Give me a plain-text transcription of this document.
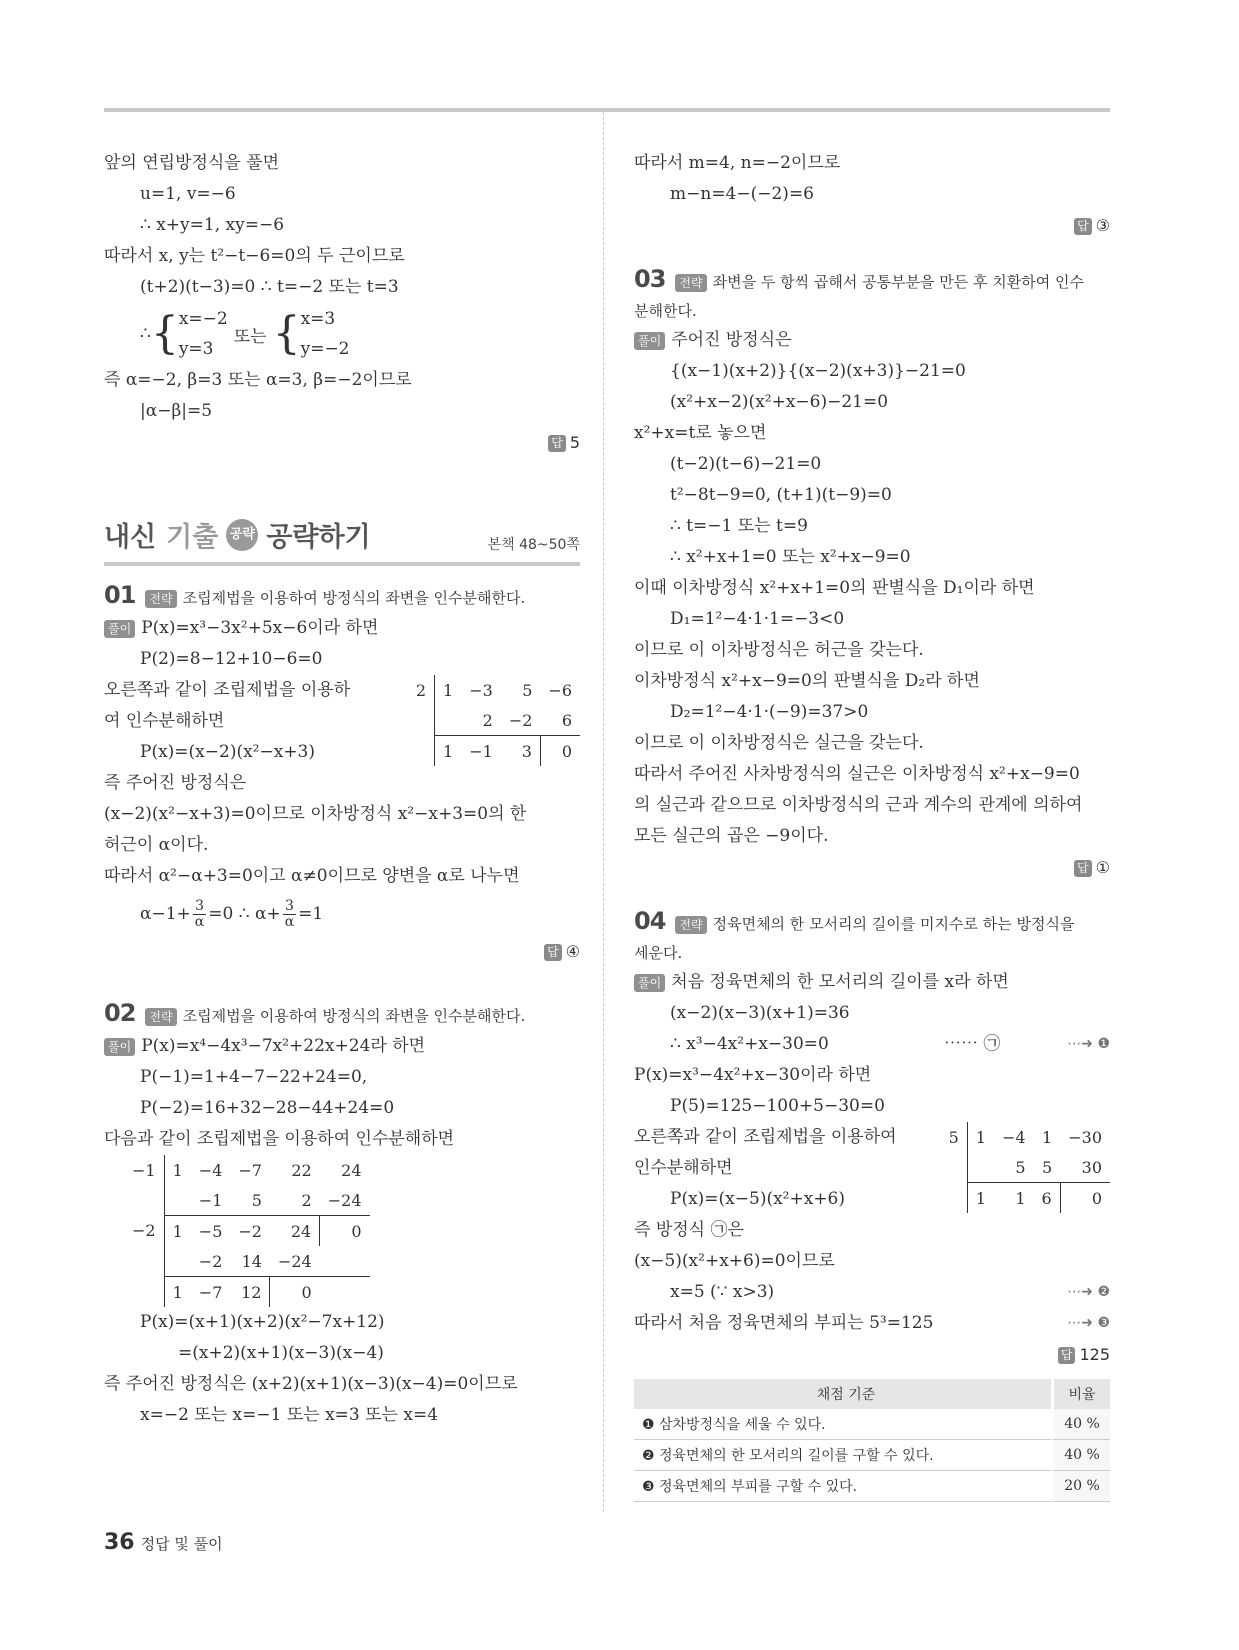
앞의 연립방정식을 풀면
u=1, v=−6
∴ x+y=1, xy=−6
따라서 x, y는 t²−t−6=0의 두 근이므로
(t+2)(t−3)=0 ∴ t=−2 또는 t=3
∴ { x=−2
y=3
또는 { x=3
y=−2
즉 α=−2, β=3 또는 α=3, β=−2이므로
|α−β|=5
답 5
내신 기출 공략 공략하기	본책 48~50쪽
01	전략 조립제법을 이용하여 방정식의 좌변을 인수분해한다.
풀이 P(x)=x³−3x²+5x−6이라 하면
P(2)=8−12+10−6=0
오른쪽과 같이 조립제법을 이용하
여 인수분해하면
P(x)=(x−2)(x²−x+3)
2	1	−3	5	−6
		2	−2	6
	1	−1	3	0
즉 주어진 방정식은
(x−2)(x²−x+3)=0이므로 이차방정식 x²−x+3=0의 한
허근이 α이다.
따라서 α²−α+3=0이고 α≠0이므로 양변을 α로 나누면
$\alpha-1+ \frac{3}{\alpha} =0$ ∴ $\alpha+ \frac{3}{\alpha} =1$
답 ④
02	전략 조립제법을 이용하여 방정식의 좌변을 인수분해한다.
풀이 P(x)=x⁴−4x³−7x²+22x+24라 하면
P(−1)=1+4−7−22+24=0,
P(−2)=16+32−28−44+24=0
다음과 같이 조립제법을 이용하여 인수분해하면
−1	1	−4	−7	22	24
		−1	5	2	−24
−2	1	−5	−2	24	0
		−2	14	−24	
	1	−7	12	0	
P(x)=(x+1)(x+2)(x²−7x+12)
=(x+2)(x+1)(x−3)(x−4)
즉 주어진 방정식은 (x+2)(x+1)(x−3)(x−4)=0이므로
x=−2 또는 x=−1 또는 x=3 또는 x=4
따라서 m=4, n=−2이므로
m−n=4−(−2)=6
답 ③
03	전략 좌변을 두 항씩 곱해서 공통부분을 만든 후 치환하여 인수
분해한다.
풀이 주어진 방정식은
{(x−1)(x+2)}{(x−2)(x+3)}−21=0
(x²+x−2)(x²+x−6)−21=0
x²+x=t로 놓으면
(t−2)(t−6)−21=0
t²−8t−9=0, (t+1)(t−9)=0
∴ t=−1 또는 t=9
∴ x²+x+1=0 또는 x²+x−9=0
이때 이차방정식 x²+x+1=0의 판별식을 D₁이라 하면
D₁=1²−4·1·1=−3<0
이므로 이 이차방정식은 허근을 갖는다.
이차방정식 x²+x−9=0의 판별식을 D₂라 하면
D₂=1²−4·1·(−9)=37>0
이므로 이 이차방정식은 실근을 갖는다.
따라서 주어진 사차방정식의 실근은 이차방정식 x²+x−9=0
의 실근과 같으므로 이차방정식의 근과 계수의 관계에 의하여
모든 실근의 곱은 −9이다.
답 ①
04	전략 정육면체의 한 모서리의 길이를 미지수로 하는 방정식을
세운다.
풀이 처음 정육면체의 한 모서리의 길이를 x라 하면
(x−2)(x−3)(x+1)=36
∴ x³−4x²+x−30=0	⋯⋯ ㉠	⋯➜ ❶
P(x)=x³−4x²+x−30이라 하면
P(5)=125−100+5−30=0
오른쪽과 같이 조립제법을 이용하여
인수분해하면
P(x)=(x−5)(x²+x+6)
5	1	−4	1	−30
		5	5	30
	1	1	6	0
즉 방정식 ㉠은
(x−5)(x²+x+6)=0이므로
x=5 (∵ x>3)	⋯➜ ❷
따라서 처음 정육면체의 부피는 5³=125	⋯➜ ❸
답 125
채점 기준	비율
❶ 삼차방정식을 세울 수 있다.	40 %
❷ 정육면체의 한 모서리의 길이를 구할 수 있다.	40 %
❸ 정육면체의 부피를 구할 수 있다.	20 %
36 정답 및 풀이
